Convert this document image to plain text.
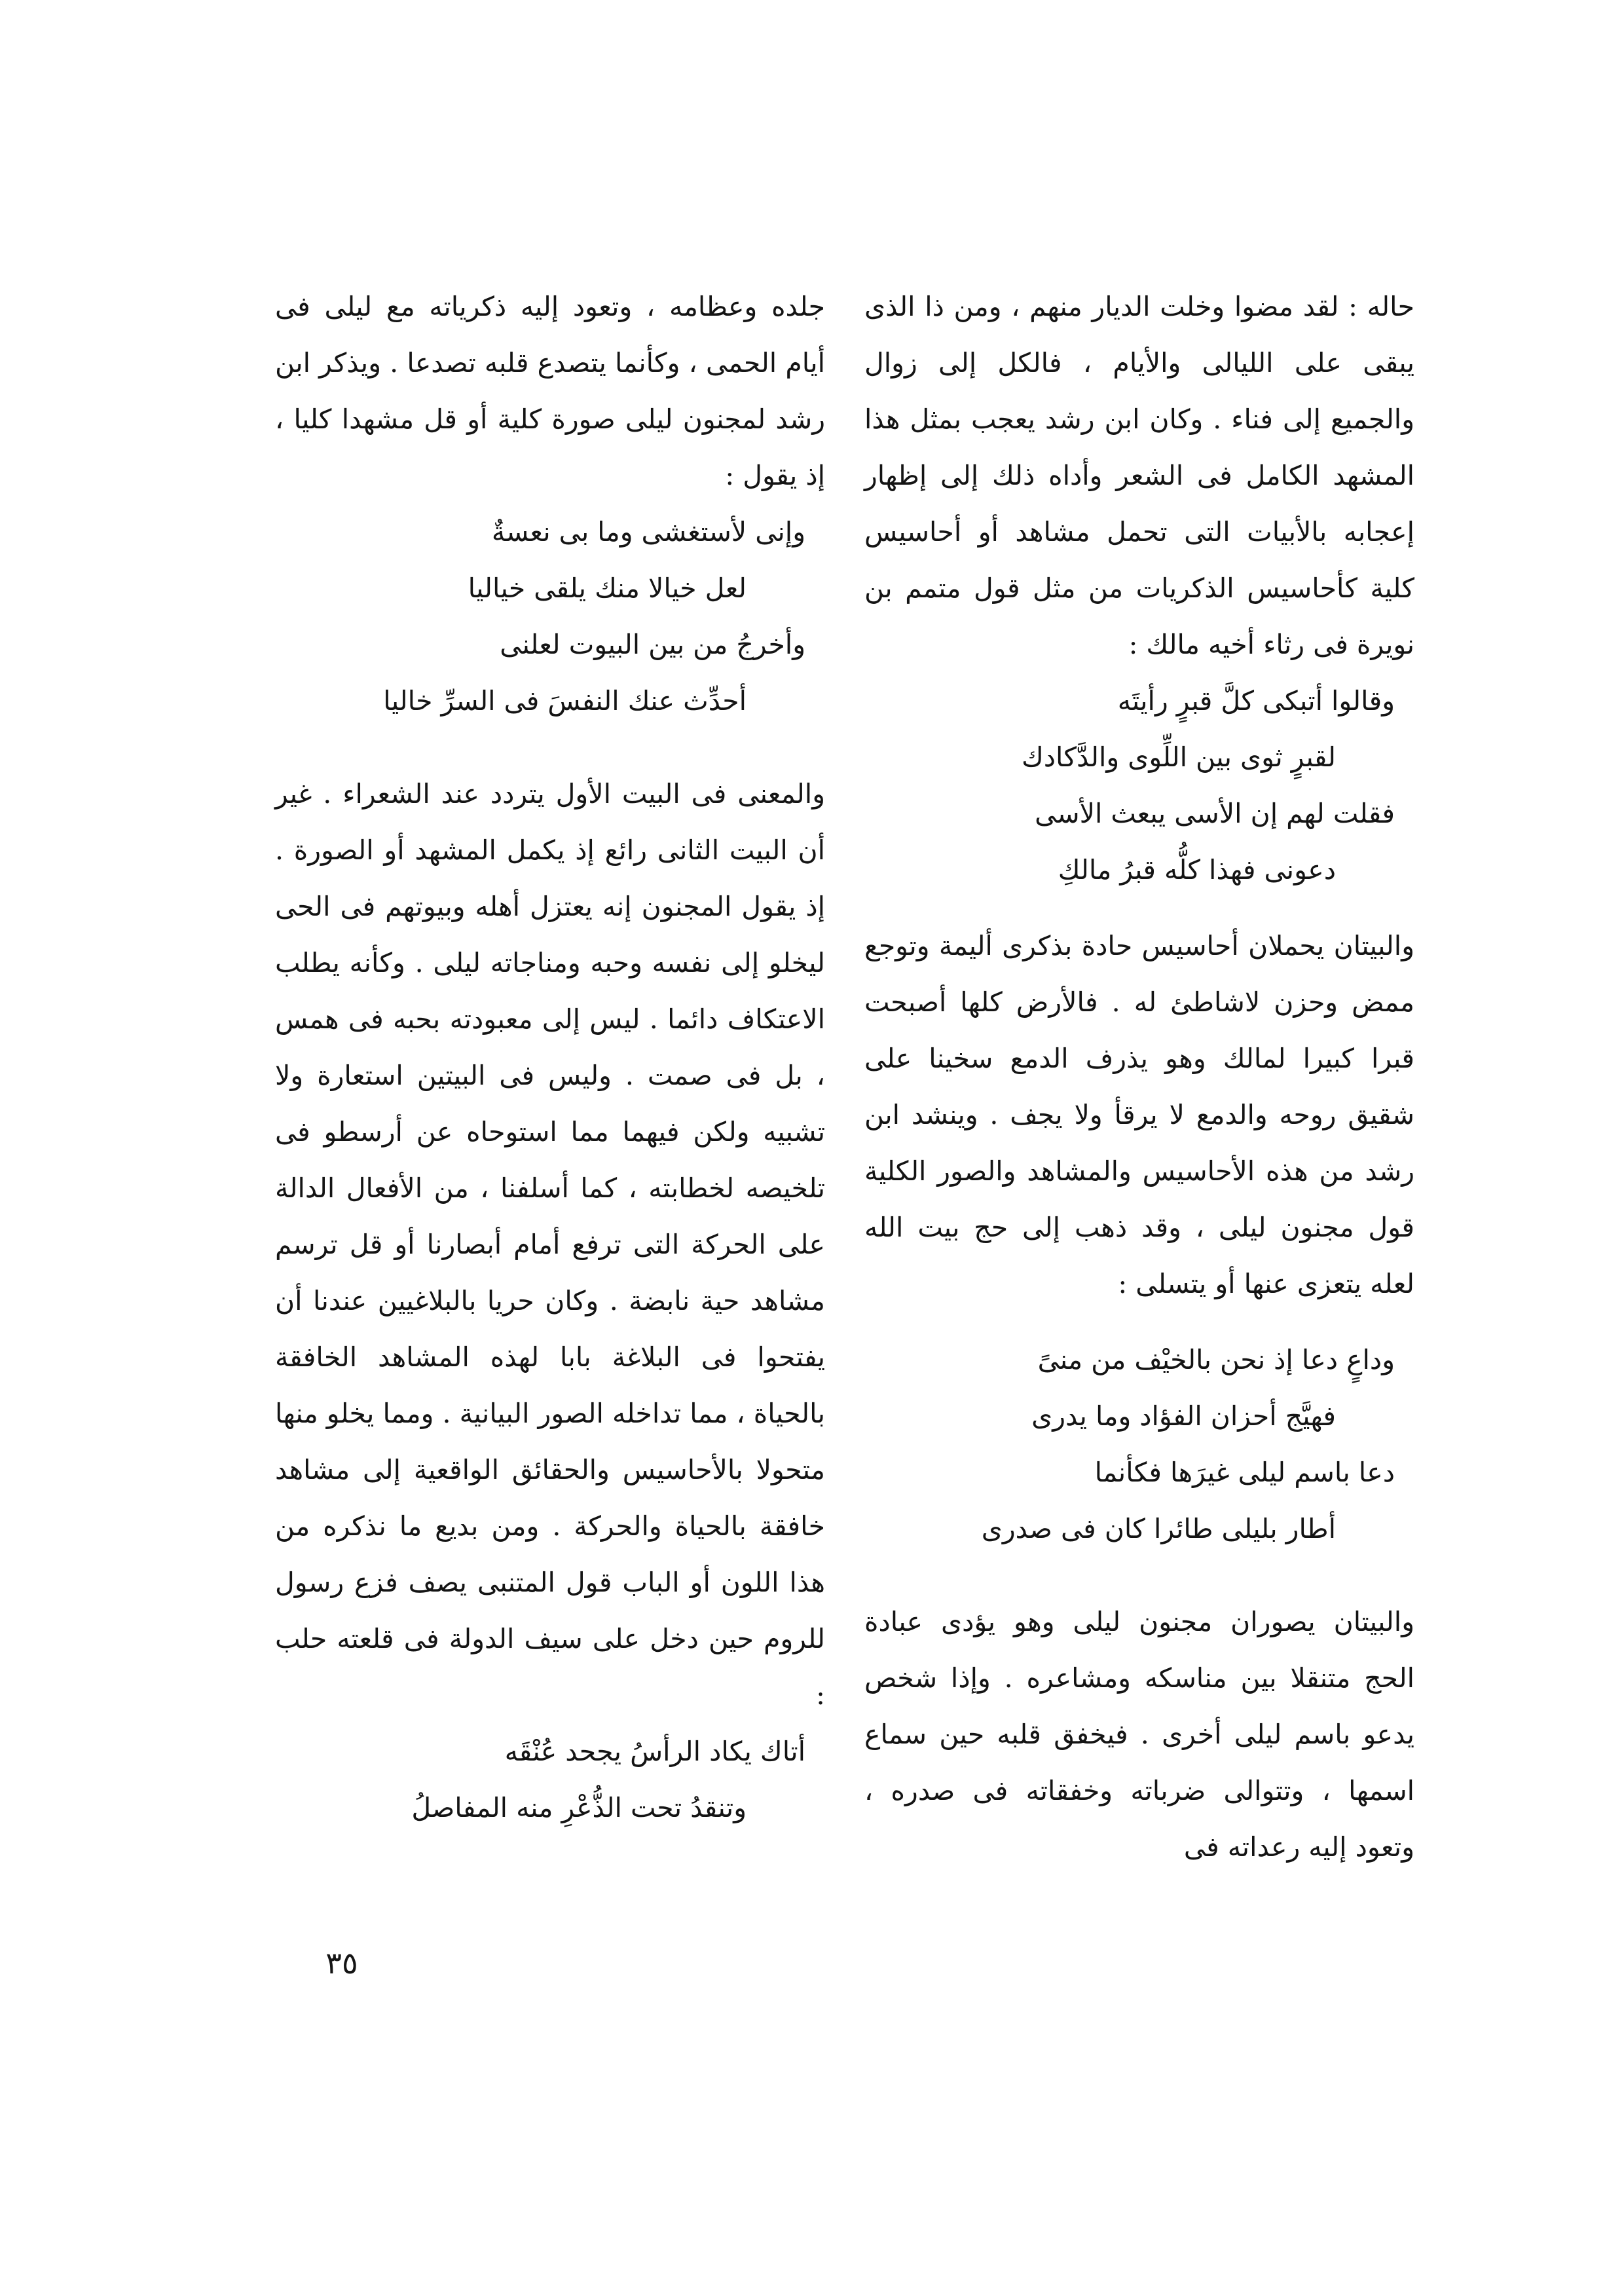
حاله : لقد مضوا وخلت الديار منهم ، ومن ذا الذى يبقى على الليالى والأيام ، فالكل إلى زوال والجميع إلى فناء . وكان ابن رشد يعجب بمثل هذا المشهد الكامل فى الشعر وأداه ذلك إلى إظهار إعجابه بالأبيات التى تحمل مشاهد أو أحاسيس كلية كأحاسيس الذكريات من مثل قول متمم بن نويرة فى رثاء أخيه مالك :

وقالوا أتبكى كلَّ قبرٍ رأيتَه

لقبرٍ ثوى بين اللِّوى والدَّكادك

فقلت لهم إن الأسى يبعث الأسى

دعونى فهذا كلُّه قبرُ مالكِ

والبيتان يحملان أحاسيس حادة بذكرى أليمة وتوجع ممض وحزن لاشاطئ له . فالأرض كلها أصبحت قبرا كبيرا لمالك وهو يذرف الدمع سخينا على شقيق روحه والدمع لا يرقأ ولا يجف . وينشد ابن رشد من هذه الأحاسيس والمشاهد والصور الكلية قول مجنون ليلى ، وقد ذهب إلى حج بيت الله لعله يتعزى عنها أو يتسلى :

وداعٍ دعا إذ نحن بالخيْف من منىً

فهيَّج أحزان الفؤاد وما يدرى

دعا باسم ليلى غيرَها فكأنما

أطار بليلى طائرا كان فى صدرى

والبيتان يصوران مجنون ليلى وهو يؤدى عبادة الحج متنقلا بين مناسكه ومشاعره . وإذا شخص يدعو باسم ليلى أخرى . فيخفق قلبه حين سماع اسمها ، وتتوالى ضرباته وخفقاته فى صدره ، وتعود إليه رعداته فى

جلده وعظامه ، وتعود إليه ذكرياته مع ليلى فى أيام الحمى ، وكأنما يتصدع قلبه تصدعا . ويذكر ابن رشد لمجنون ليلى صورة كلية أو قل مشهدا كليا ، إذ يقول :

وإنى لأستغشى وما بى نعسةٌ

لعل خيالا منك يلقى خياليا

وأخرجُ من بين البيوت لعلنى

أحدِّث عنك النفسَ فى السرِّ خاليا

والمعنى فى البيت الأول يتردد عند الشعراء . غير أن البيت الثانى رائع إذ يكمل المشهد أو الصورة . إذ يقول المجنون إنه يعتزل أهله وبيوتهم فى الحى ليخلو إلى نفسه وحبه ومناجاته ليلى . وكأنه يطلب الاعتكاف دائما . ليس إلى معبودته بحبه فى همس ، بل فى صمت . وليس فى البيتين استعارة ولا تشبيه ولكن فيهما مما استوحاه عن أرسطو فى تلخيصه لخطابته ، كما أسلفنا ، من الأفعال الدالة على الحركة التى ترفع أمام أبصارنا أو قل ترسم مشاهد حية نابضة . وكان حريا بالبلاغيين عندنا أن يفتحوا فى البلاغة بابا لهذه المشاهد الخافقة بالحياة ، مما تداخله الصور البيانية . ومما يخلو منها متحولا بالأحاسيس والحقائق الواقعية إلى مشاهد خافقة بالحياة والحركة . ومن بديع ما نذكره من هذا اللون أو الباب قول المتنبى يصف فزع رسول للروم حين دخل على سيف الدولة فى قلعته حلب :

أتاك يكاد الرأسُ يجحد عُنْقَه

وتنقدُ تحت الذُّعْرِ منه المفاصلُ

٣٥
